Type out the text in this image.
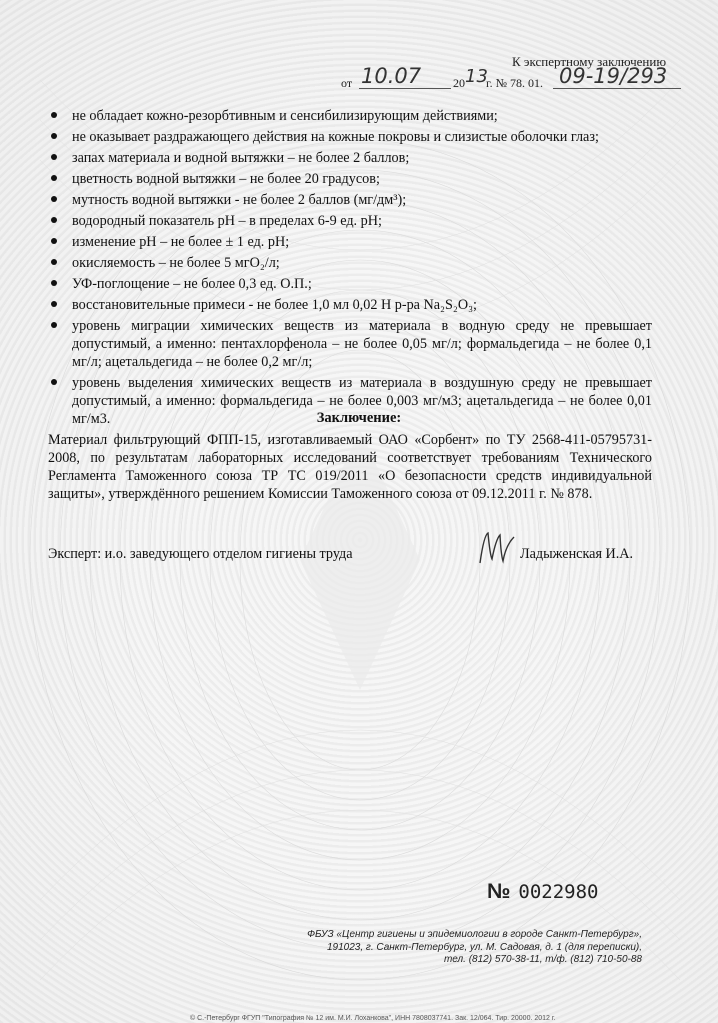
К экспертному заключению
от 10.07	20 13
г. № 78. 01. 09-19/293
не обладает кожно-резорбтивным и сенсибилизирующим действиями;
не оказывает раздражающего действия на кожные покровы и слизистые оболочки глаз;
запах материала и водной вытяжки – не более 2 баллов;
цветность водной вытяжки – не более 20 градусов;
мутность водной вытяжки - не более 2 баллов (мг/дм³);
водородный показатель pH – в пределах 6-9 ед. pH;
изменение pH – не более ± 1 ед. pH;
окисляемость – не более 5 мгO₂/л;
УФ-поглощение – не более 0,3 ед. О.П.;
восстановительные примеси - не более 1,0 мл 0,02 Н р-ра Na₂S₂O₃;
уровень миграции химических веществ из материала в водную среду не превышает допустимый, а именно: пентахлорфенола – не более 0,05 мг/л; формальдегида – не более 0,1 мг/л; ацетальдегида – не более 0,2 мг/л;
уровень выделения химических веществ из материала в воздушную среду не превышает допустимый, а именно: формальдегида – не более 0,003 мг/м3; ацетальдегида – не более 0,01 мг/м3.	Заключение:
Материал фильтрующий ФПП-15, изготавливаемый ОАО «Сорбент» по ТУ 2568-411-05795731-2008, по результатам лабораторных исследований соответствует требованиям Технического Регламента Таможенного союза ТР ТС 019/2011 «О безопасности средств индивидуальной защиты», утверждённого решением Комиссии Таможенного союза от 09.12.2011 г. № 878.
Эксперт: и.о. заведующего отделом гигиены труда	Ладыженская И.А.
№ 0022980
ФБУЗ «Центр гигиены и эпидемиологии в городе Санкт-Петербург»,
191023, г. Санкт-Петербург, ул. М. Садовая, д. 1 (для переписки),
тел. (812) 570-38-11, т/ф. (812) 710-50-88
© С.-Петербург ФГУП "Типография № 12 им. М.И. Лоханкова", ИНН 7808037741. Зак. 12/064. Тир. 20000. 2012 г.
